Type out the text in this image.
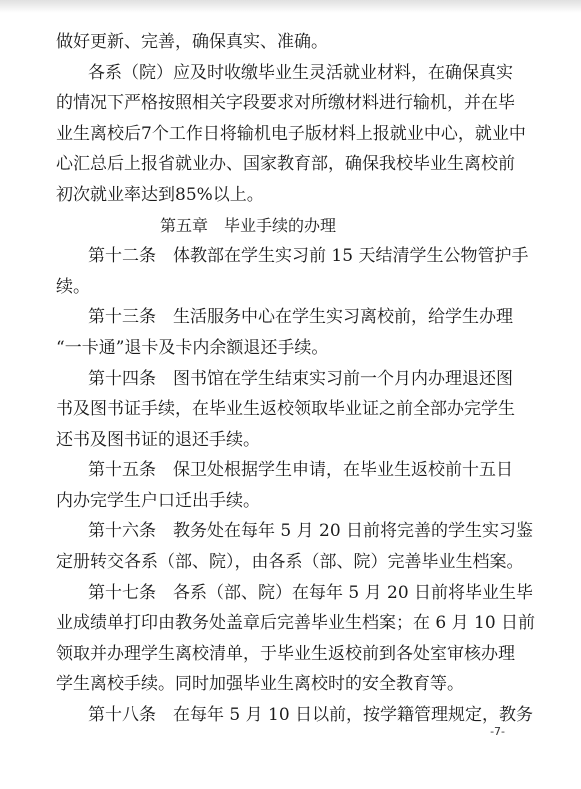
做好更新、完善，确保真实、准确。
各系（院）应及时收缴毕业生灵活就业材料，在确保真实
的情况下严格按照相关字段要求对所缴材料进行输机，并在毕
业生离校后7个工作日将输机电子版材料上报就业中心，就业中
心汇总后上报省就业办、国家教育部，确保我校毕业生离校前
初次就业率达到85%以上。
第五章　毕业手续的办理
第十二条　体教部在学生实习前 15 天结清学生公物管护手
续。
第十三条　生活服务中心在学生实习离校前，给学生办理
“一卡通”退卡及卡内余额退还手续。
第十四条　图书馆在学生结束实习前一个月内办理退还图
书及图书证手续，在毕业生返校领取毕业证之前全部办完学生
还书及图书证的退还手续。
第十五条　保卫处根据学生申请，在毕业生返校前十五日
内办完学生户口迁出手续。
第十六条　教务处在每年 5 月 20 日前将完善的学生实习鉴
定册转交各系（部、院），由各系（部、院）完善毕业生档案。
第十七条　各系（部、院）在每年 5 月 20 日前将毕业生毕
业成绩单打印由教务处盖章后完善毕业生档案；在 6 月 10 日前
领取并办理学生离校清单，于毕业生返校前到各处室审核办理
学生离校手续。同时加强毕业生离校时的安全教育等。
第十八条　在每年 5 月 10 日以前，按学籍管理规定，教务
-7-
